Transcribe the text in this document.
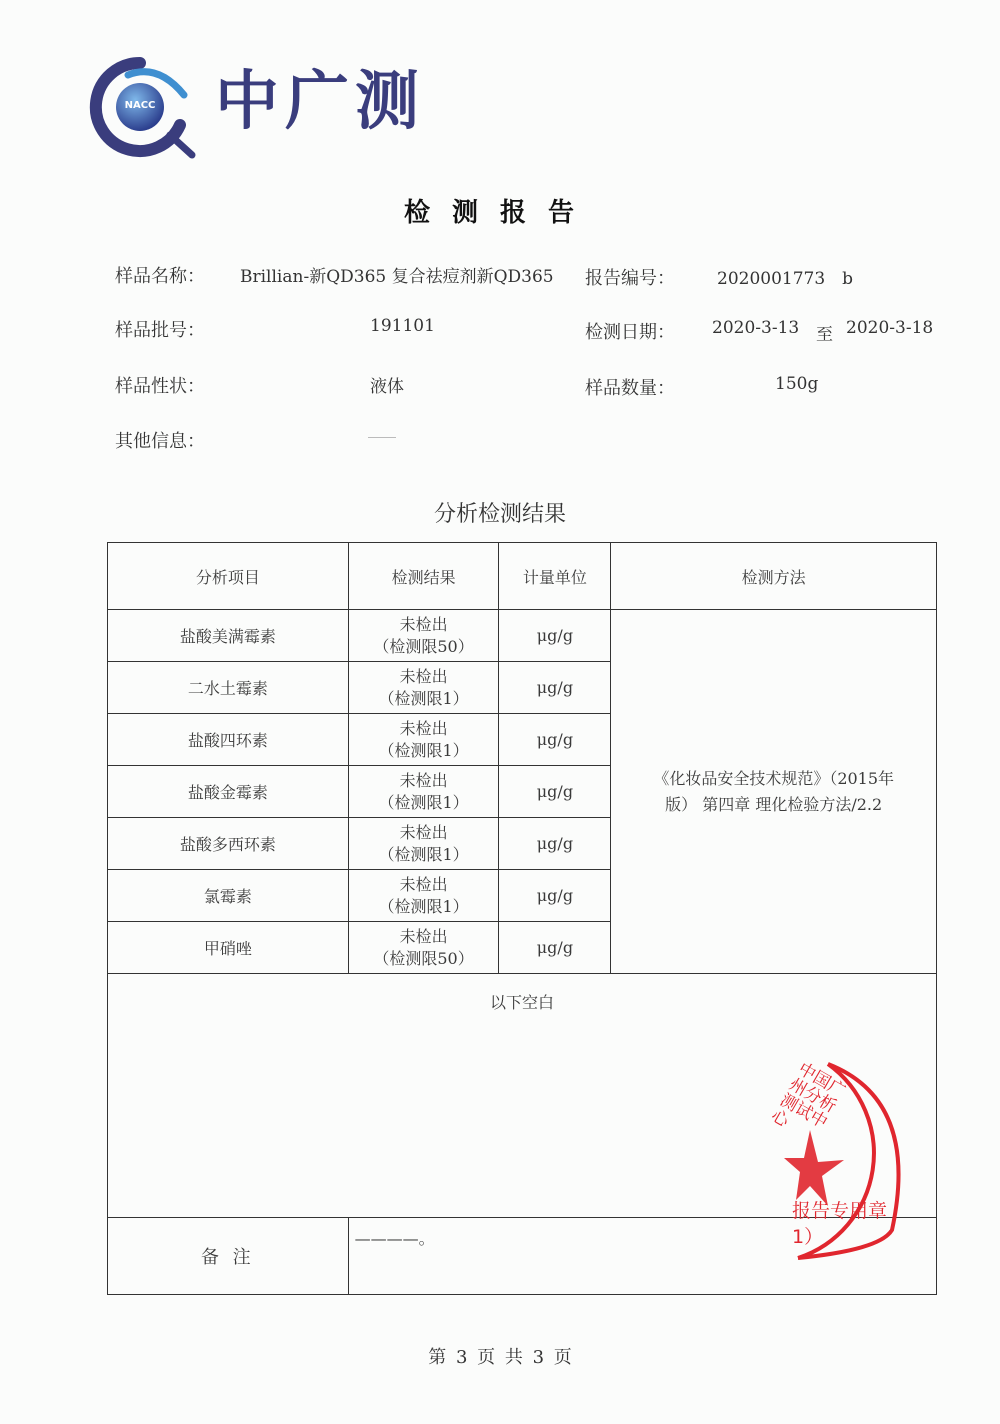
NACC 中广测
检测报告
样品名称： Brillian-新QD365 复合祛痘剂新QD365 报告编号： 2020001773　b
样品批号：	191101	检测日期： 2020-3-13 至 2020-3-18
样品性状：	液体	样品数量：	150g
其他信息：
分析检测结果
分析项目	检测结果	计量单位	检测方法
盐酸美满霉素	未检出
（检测限50）	μg/g	《化妆品安全技术规范》（2015年
版） 第四章 理化检验方法/2.2

二水土霉素	未检出
（检测限1）	μg/g	
盐酸四环素	未检出
（检测限1）	μg/g	
盐酸金霉素	未检出
（检测限1）	μg/g	
盐酸多西环素	未检出
（检测限1）	μg/g	
氯霉素	未检出
（检测限1）	μg/g	
甲硝唑	未检出
（检测限50）	μg/g	

以下空白			

备 注	————。		
中国广州分析测试中心
报告专用章
1）
第 3 页 共 3 页
